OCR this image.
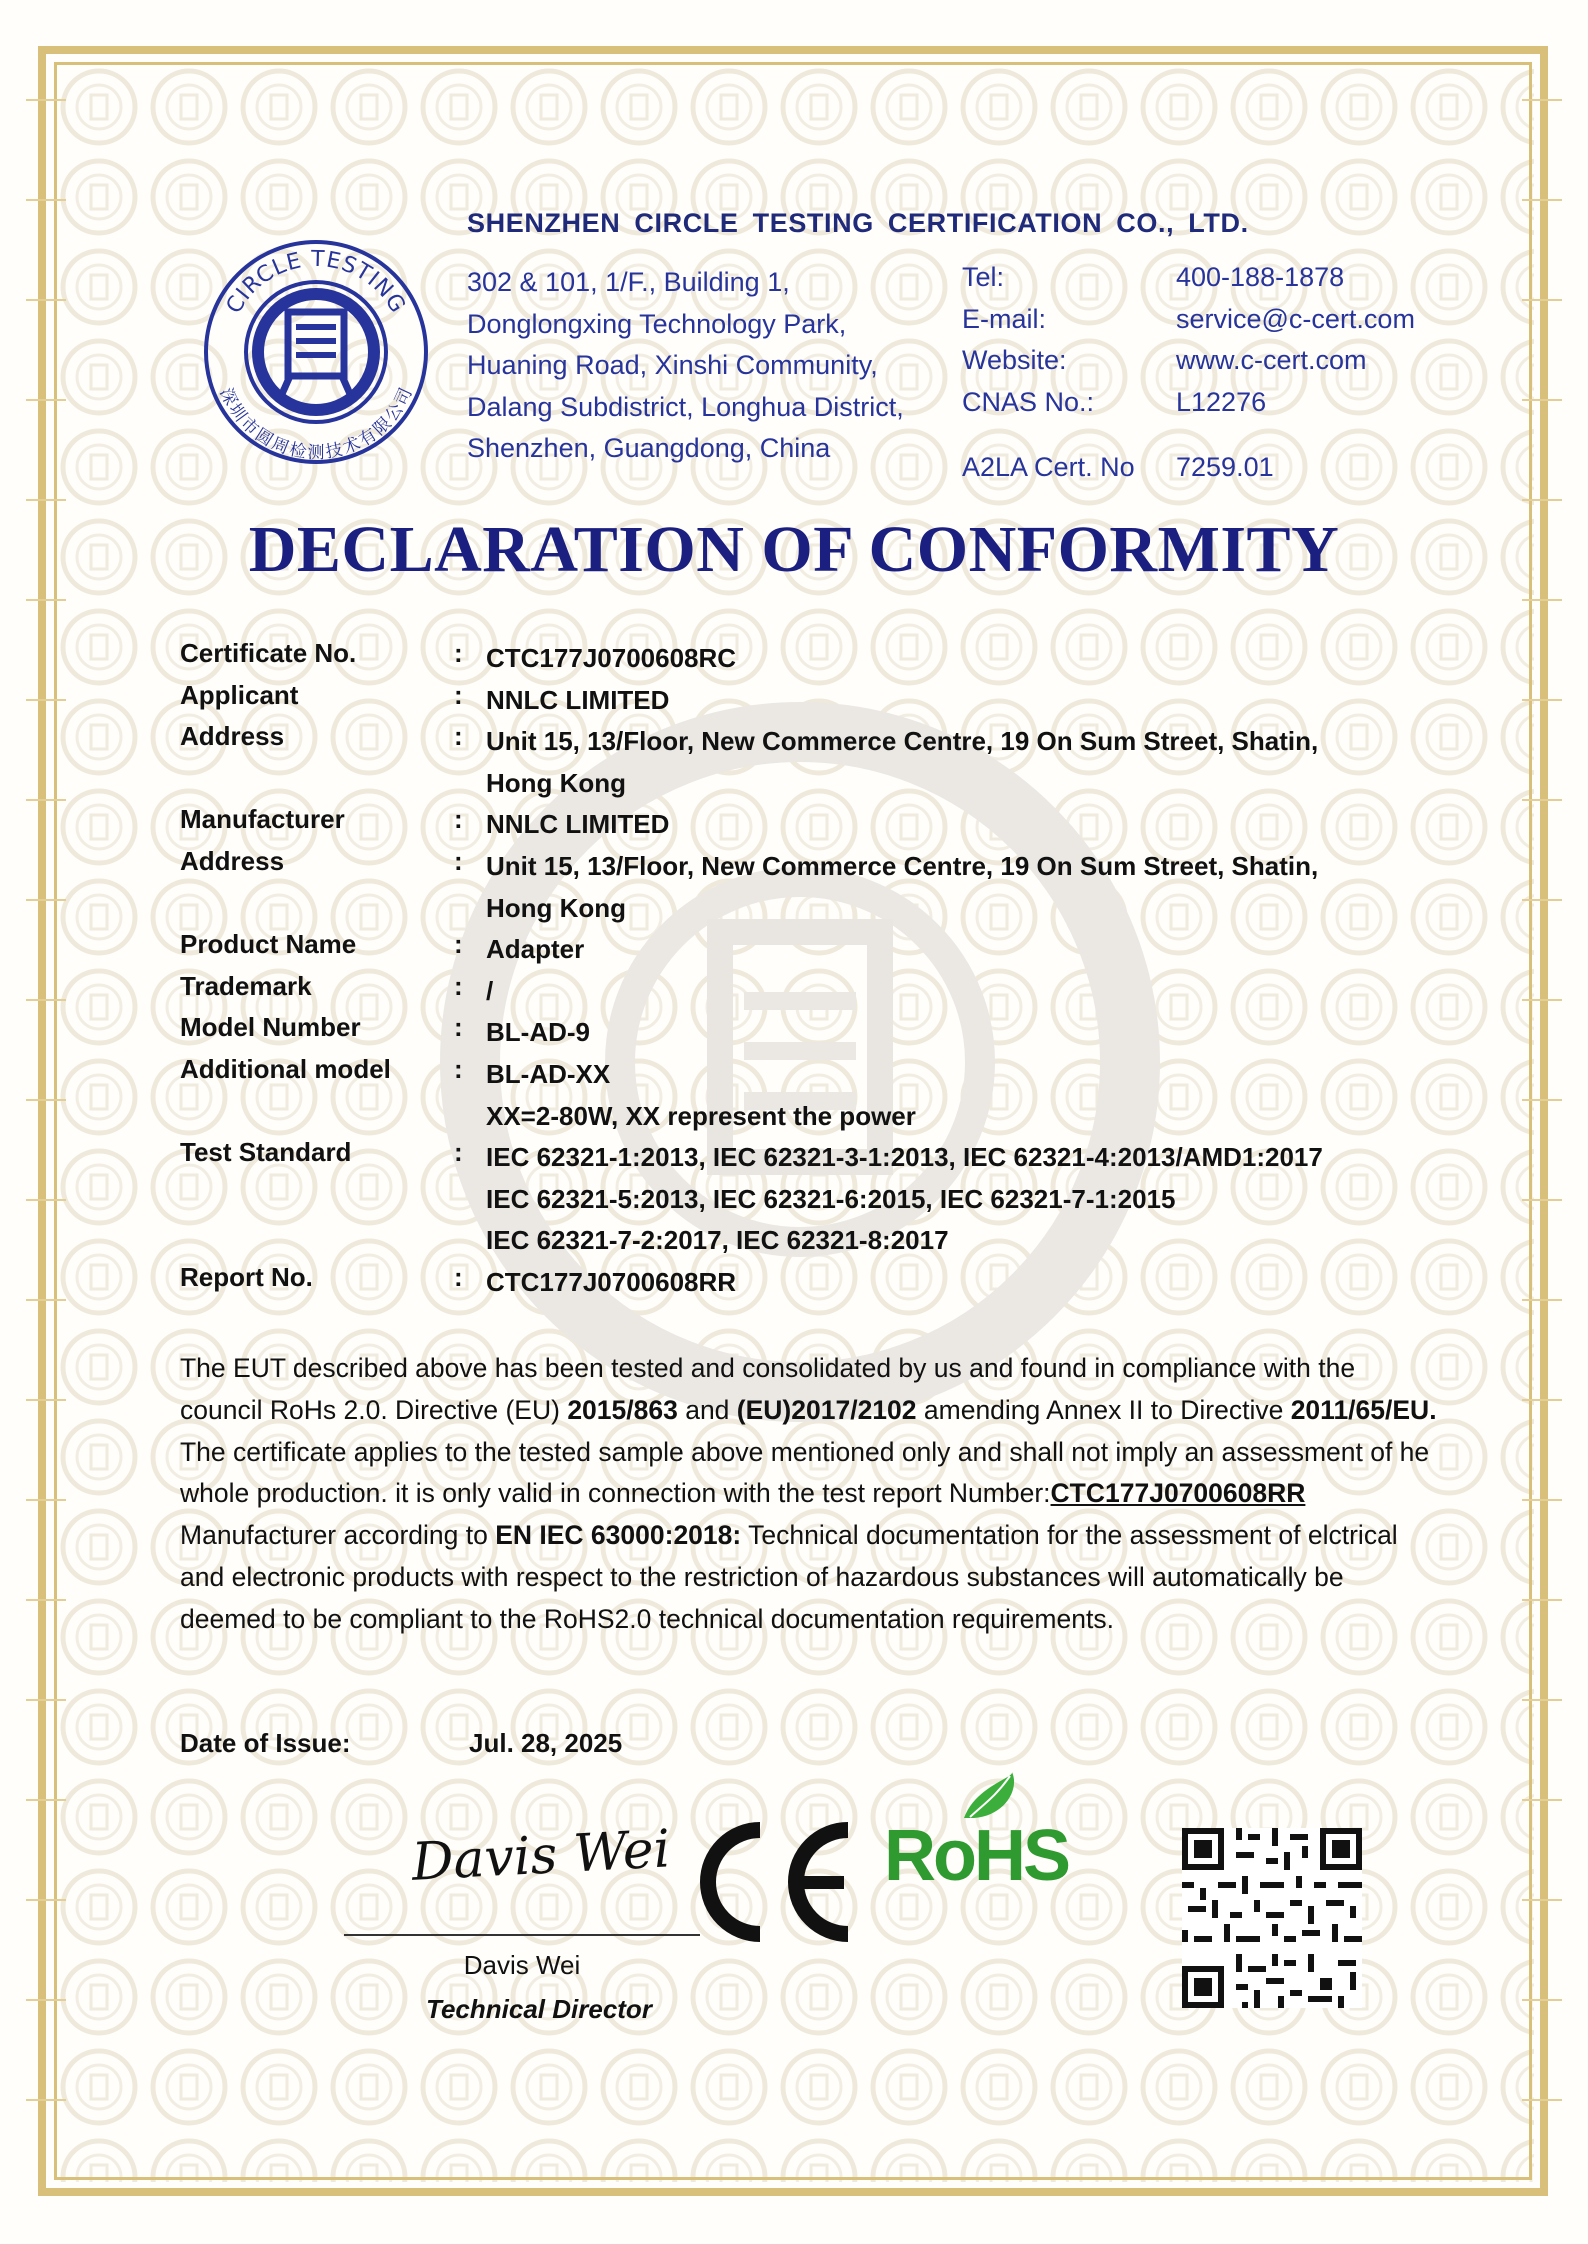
CIRCLE TESTING
深圳市圆周检测技术有限公司
SHENZHEN CIRCLE TESTING CERTIFICATION CO., LTD.
302 & 101, 1/F., Building 1,
Donglongxing Technology Park,
Huaning Road, Xinshi Community,
Dalang Subdistrict, Longhua District,
Shenzhen, Guangdong, China
Tel:	400-188-1878
E-mail:	service@c-cert.com
Website:	www.c-cert.com
CNAS No.:	L12276
A2LA Cert. No 7259.01
DECLARATION OF CONFORMITY
Certificate No.	: CTC177J0700608RC
Applicant	: NNLC LIMITED
Address	: Unit 15, 13/Floor, New Commerce Centre, 19 On Sum Street, Shatin,
Hong Kong
Manufacturer	: NNLC LIMITED
Address	: Unit 15, 13/Floor, New Commerce Centre, 19 On Sum Street, Shatin,
Hong Kong
Product Name	: Adapter
Trademark	: /
Model Number	: BL-AD-9
Additional model : BL-AD-XX
XX=2-80W, XX represent the power
Test Standard	: IEC 62321-1:2013, IEC 62321-3-1:2013, IEC 62321-4:2013/AMD1:2017
IEC 62321-5:2013, IEC 62321-6:2015, IEC 62321-7-1:2015
IEC 62321-7-2:2017, IEC 62321-8:2017
Report No.	: CTC177J0700608RR

The EUT described above has been tested and consolidated by us and found in compliance with the council RoHs 2.0. Directive (EU) 2015/863 and (EU)2017/2102 amending Annex II to Directive 2011/65/EU. The certificate applies to the tested sample above mentioned only and shall not imply an assessment of he whole production. it is only valid in connection with the test report Number:CTC177J0700608RR

Manufacturer according to EN IEC 63000:2018: Technical documentation for the assessment of elctrical and electronic products with respect to the restriction of hazardous substances will automatically be deemed to be compliant to the RoHS2.0 technical documentation requirements.

Date of Issue:	Jul. 28, 2025
Davis Wei
Davis Wei
Technical Director
RoHS
